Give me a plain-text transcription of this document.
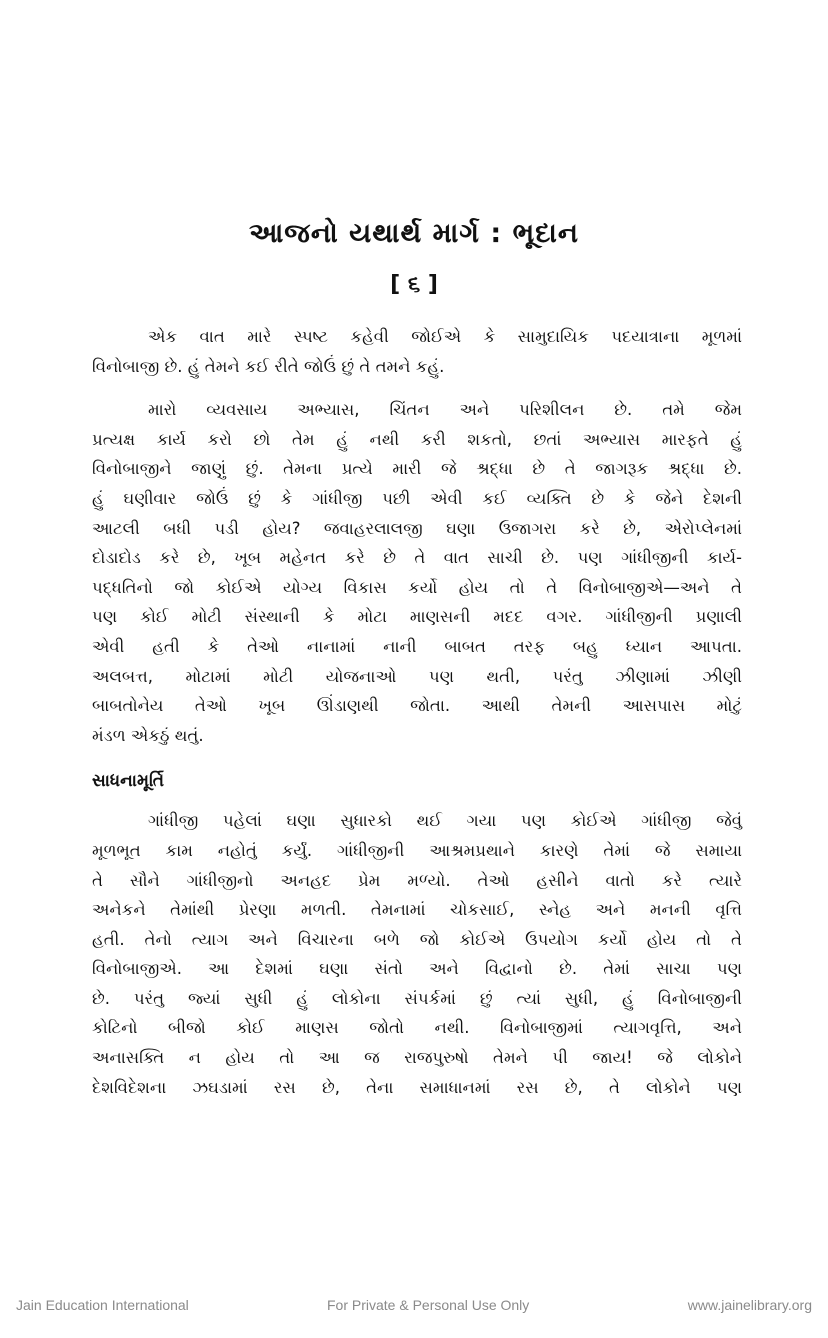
આજનો યથાર્થ માર્ગ : ભૂદાન
[ ૬ ]
એક વાત મારે સ્પષ્ટ કહેવી જોઈએ કે સામુદાયિક પદયાત્રાના મૂળમાં
વિનોબાજી છે. હું તેમને કઈ રીતે જોઉં છું તે તમને કહું.
મારો વ્યવસાય અભ્યાસ, ચિંતન અને પરિશીલન છે. તમે જેમ
પ્રત્યક્ષ કાર્ય કરો છો તેમ હું નથી કરી શકતો, છતાં અભ્યાસ મારફતે હું
વિનોબાજીને જાણું છું. તેમના પ્રત્યે મારી જે શ્રદ્ધા છે તે જાગરૂક શ્રદ્ધા છે.
હું ઘણીવાર જોઉં છું કે ગાંધીજી પછી એવી કઈ વ્યક્તિ છે કે જેને દેશની
આટલી બધી પડી હોય? જવાહરલાલજી ઘણા ઉજાગરા કરે છે, એરોપ્લેનમાં
દોડાદોડ કરે છે, ખૂબ મહેનત કરે છે તે વાત સાચી છે. પણ ગાંધીજીની કાર્ય-
પદ્ધતિનો જો કોઈએ યોગ્ય વિકાસ કર્યો હોય તો તે વિનોબાજીએ—અને તે
પણ કોઈ મોટી સંસ્થાની કે મોટા માણસની મદદ વગર. ગાંધીજીની પ્રણાલી
એવી હતી કે તેઓ નાનામાં નાની બાબત તરફ બહુ ધ્યાન આપતા.
અલબત્ત, મોટામાં મોટી યોજનાઓ પણ થતી, પરંતુ ઝીણામાં ઝીણી
બાબતોનેય તેઓ ખૂબ ઊંડાણથી જોતા. આથી તેમની આસપાસ મોટું
મંડળ એકઠું થતું.
સાધનામૂર્તિ
ગાંધીજી પહેલાં ઘણા સુધારકો થઈ ગયા પણ કોઈએ ગાંધીજી જેવું
મૂળભૂત કામ નહોતું કર્યું. ગાંધીજીની આશ્રમપ્રથાને કારણે તેમાં જે સમાયા
તે સૌને ગાંધીજીનો અનહદ પ્રેમ મળ્યો. તેઓ હસીને વાતો કરે ત્યારે
અનેકને તેમાંથી પ્રેરણા મળતી. તેમનામાં ચોકસાઈ, સ્નેહ અને મનની વૃત્તિ
હતી. તેનો ત્યાગ અને વિચારના બળે જો કોઈએ ઉપયોગ કર્યો હોય તો તે
વિનોબાજીએ. આ દેશમાં ઘણા સંતો અને વિદ્વાનો છે. તેમાં સાચા પણ
છે. પરંતુ જ્યાં સુધી હું લોકોના સંપર્કમાં છું ત્યાં સુધી, હું વિનોબાજીની
કોટિનો બીજો કોઈ માણસ જોતો નથી. વિનોબાજીમાં ત્યાગવૃત્તિ, અને
અનાસક્તિ ન હોય તો આ જ રાજપુરુષો તેમને પી જાય! જે લોકોને
દેશવિદેશના ઝઘડામાં રસ છે, તેના સમાધાનમાં રસ છે, તે લોકોને પણ
Jain Education International	For Private & Personal Use Only	www.jainelibrary.org
